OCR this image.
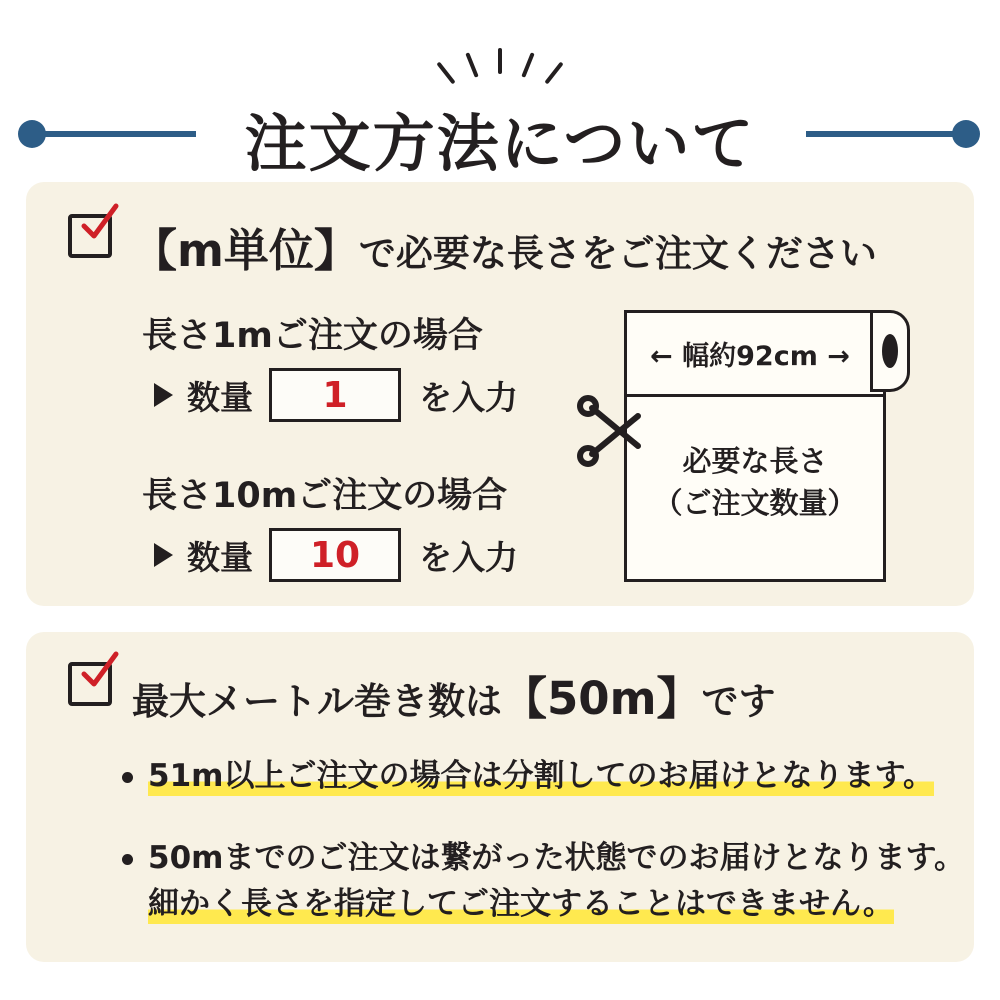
注文方法について
【m単位】で必要な長さをご注文ください
長さ1mご注文の場合
数量	1	を入力
長さ10mご注文の場合
数量	10	を入力
← 幅約92cm →
必要な長さ
（ご注文数量）
最大メートル巻き数は【50m】です
51m以上ご注文の場合は分割してのお届けとなります。
50mまでのご注文は繋がった状態でのお届けとなります。
細かく長さを指定してご注文することはできません。
